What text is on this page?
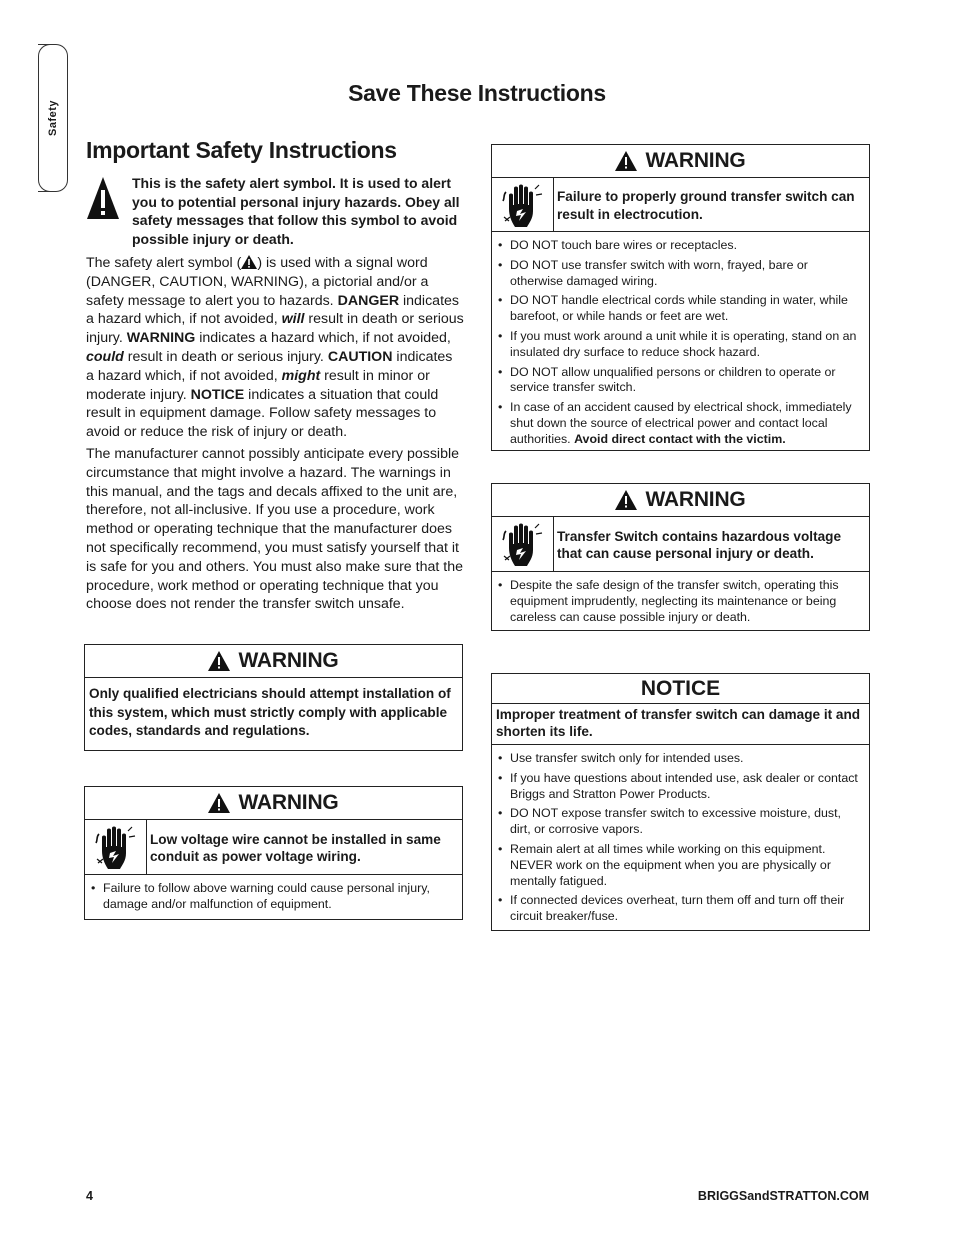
Safety
Save These Instructions
Important Safety Instructions

This is the safety alert symbol. It is used to alert you to potential personal injury hazards. Obey all safety messages that follow this symbol to avoid possible injury or death.

The safety alert symbol ( ) is used with a signal word (DANGER, CAUTION, WARNING), a pictorial and/or a safety message to alert you to hazards. DANGER indicates a hazard which, if not avoided, will result in death or serious injury. WARNING indicates a hazard which, if not avoided, could result in death or serious injury. CAUTION indicates a hazard which, if not avoided, might result in minor or moderate injury. NOTICE indicates a situation that could result in equipment damage. Follow safety messages to avoid or reduce the risk of injury or death.

The manufacturer cannot possibly anticipate every possible circumstance that might involve a hazard. The warnings in this manual, and the tags and decals affixed to the unit are, therefore, not all-inclusive. If you use a procedure, work method or operating technique that the manufacturer does not specifically recommend, you must satisfy yourself that it is safe for you and others. You must also make sure that the procedure, work method or operating technique that you choose does not render the transfer switch unsafe.

WARNING
Only qualified electricians should attempt installation of this system, which must strictly comply with applicable codes, standards and regulations.
WARNING
Low voltage wire cannot be installed in same conduit as power voltage wiring.
• Failure to follow above warning could cause personal injury, damage and/or malfunction of equipment.
WARNING
Failure to properly ground transfer switch can result in electrocution.
• DO NOT touch bare wires or receptacles.
• DO NOT use transfer switch with worn, frayed, bare or otherwise damaged wiring.
• DO NOT handle electrical cords while standing in water, while barefoot, or while hands or feet are wet.
• If you must work around a unit while it is operating, stand on an insulated dry surface to reduce shock hazard.
• DO NOT allow unqualified persons or children to operate or service transfer switch.
• In case of an accident caused by electrical shock, immediately shut down the source of electrical power and contact local authorities. Avoid direct contact with the victim.
WARNING
Transfer Switch contains hazardous voltage that can cause personal injury or death.
• Despite the safe design of the transfer switch, operating this equipment imprudently, neglecting its maintenance or being careless can cause possible injury or death.
NOTICE
Improper treatment of transfer switch can damage it and shorten its life.
• Use transfer switch only for intended uses.
• If you have questions about intended use, ask dealer or contact Briggs and Stratton Power Products.
• DO NOT expose transfer switch to excessive moisture, dust, dirt, or corrosive vapors.
• Remain alert at all times while working on this equipment. NEVER work on the equipment when you are physically or mentally fatigued.
• If connected devices overheat, turn them off and turn off their circuit breaker/fuse.
4	BRIGGSandSTRATTON.COM
